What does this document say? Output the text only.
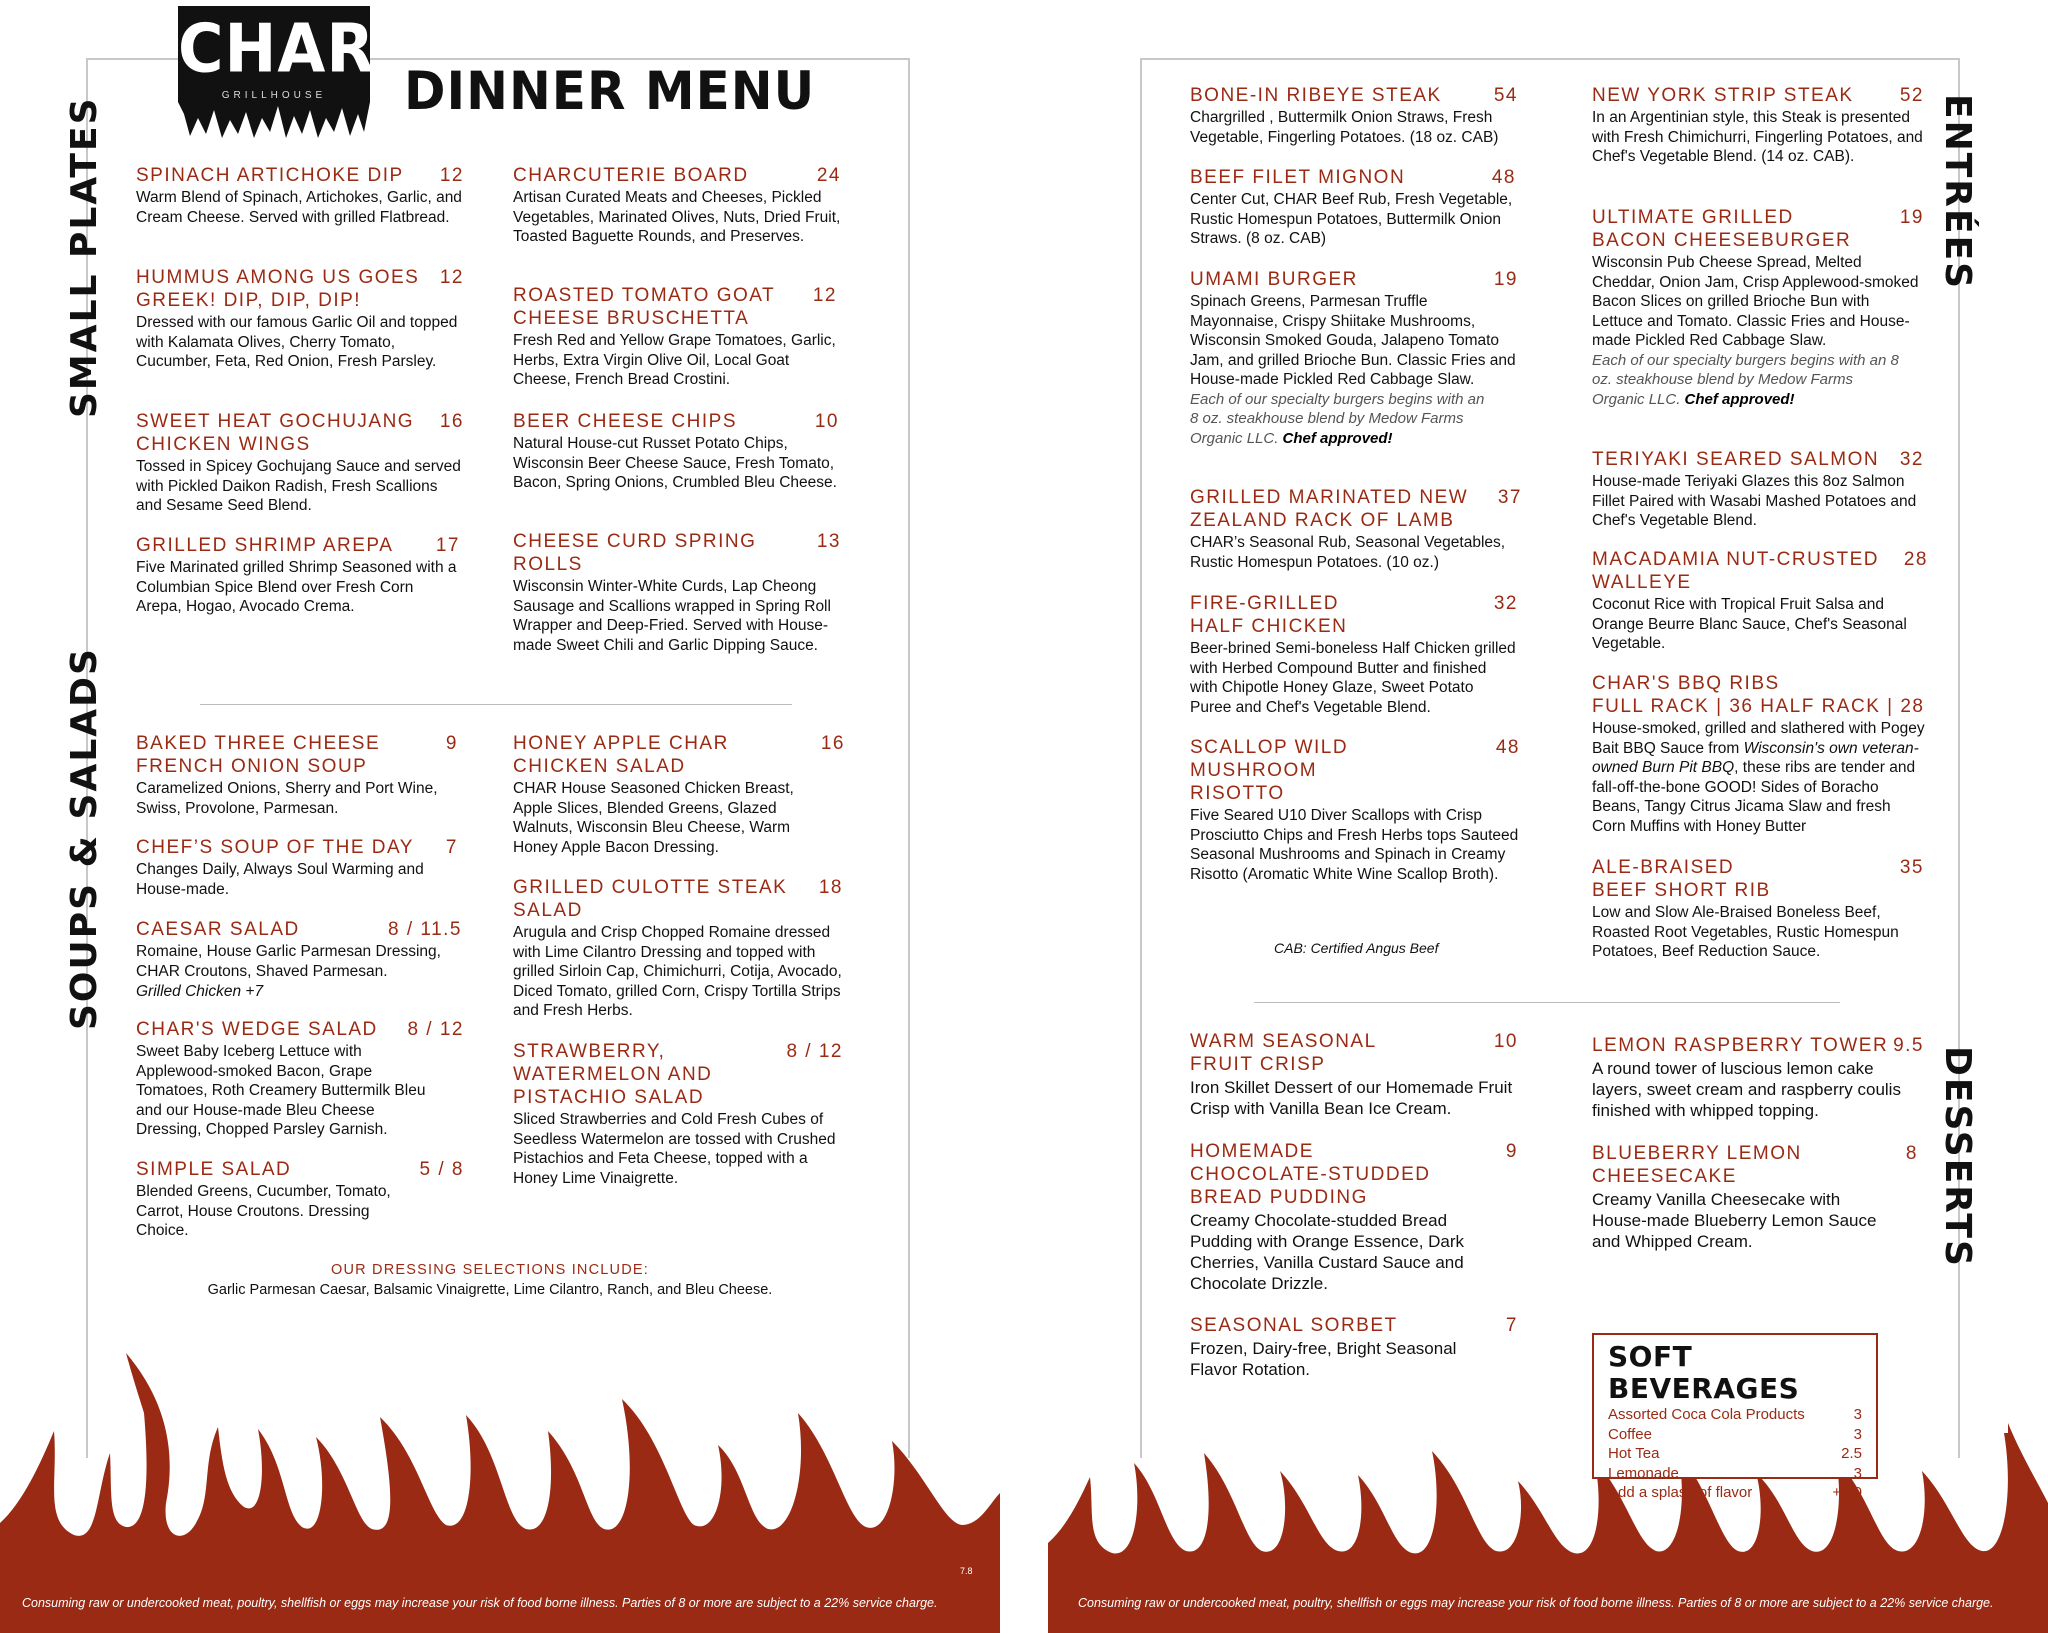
CHAR
GRILLHOUSE	DINNER MENU
SMALL PLATES
SOUPS & SALADS
SPINACH ARTICHOKE DIP	12
Warm Blend of Spinach, Artichokes, Garlic, and Cream Cheese. Served with grilled Flatbread.
HUMMUS AMONG US GOES GREEK! DIP, DIP, DIP!
12
Dressed with our famous Garlic Oil and topped with Kalamata Olives, Cherry Tomato, Cucumber, Feta, Red Onion, Fresh Parsley.
SWEET HEAT GOCHUJANG CHICKEN WINGS
16
Tossed in Spicey Gochujang Sauce and served with Pickled Daikon Radish, Fresh Scallions and Sesame Seed Blend.
GRILLED SHRIMP AREPA	17
Five Marinated grilled Shrimp Seasoned with a Columbian Spice Blend over Fresh Corn Arepa, Hogao, Avocado Crema.
CHARCUTERIE BOARD	24
Artisan Curated Meats and Cheeses, Pickled Vegetables, Marinated Olives, Nuts, Dried Fruit, Toasted Baguette Rounds, and Preserves.
ROASTED TOMATO GOAT CHEESE BRUSCHETTA
12
Fresh Red and Yellow Grape Tomatoes, Garlic, Herbs, Extra Virgin Olive Oil, Local Goat Cheese, French Bread Crostini.
BEER CHEESE CHIPS	10
Natural House-cut Russet Potato Chips, Wisconsin Beer Cheese Sauce, Fresh Tomato, Bacon, Spring Onions, Crumbled Bleu Cheese.
CHEESE CURD SPRING ROLLS
13
Wisconsin Winter-White Curds, Lap Cheong Sausage and Scallions wrapped in Spring Roll Wrapper and Deep-Fried. Served with House-made Sweet Chili and Garlic Dipping Sauce.
BAKED THREE CHEESE FRENCH ONION SOUP
9
Caramelized Onions, Sherry and Port Wine, Swiss, Provolone, Parmesan.
CHEF’S SOUP OF THE DAY	7
Changes Daily, Always Soul Warming and House-made.
CAESAR SALAD	8 / 11.5
Romaine, House Garlic Parmesan Dressing, CHAR Croutons, Shaved Parmesan.
Grilled Chicken +7
CHAR'S WEDGE SALAD	8 / 12
Sweet Baby Iceberg Lettuce with Applewood-smoked Bacon, Grape Tomatoes, Roth Creamery Buttermilk Bleu and our House-made Bleu Cheese Dressing, Chopped Parsley Garnish.
SIMPLE SALAD	5 / 8
Blended Greens, Cucumber, Tomato, Carrot, House Croutons. Dressing Choice.
HONEY APPLE CHAR CHICKEN SALAD
16
CHAR House Seasoned Chicken Breast, Apple Slices, Blended Greens, Glazed Walnuts, Wisconsin Bleu Cheese, Warm Honey Apple Bacon Dressing.
GRILLED CULOTTE STEAK SALAD
18
Arugula and Crisp Chopped Romaine dressed with Lime Cilantro Dressing and topped with grilled Sirloin Cap, Chimichurri, Cotija, Avocado, Diced Tomato, grilled Corn, Crispy Tortilla Strips and Fresh Herbs.
STRAWBERRY, WATERMELON AND PISTACHIO SALAD
8 / 12
Sliced Strawberries and Cold Fresh Cubes of Seedless Watermelon are tossed with Crushed Pistachios and Feta Cheese, topped with a Honey Lime Vinaigrette.
OUR DRESSING SELECTIONS INCLUDE:
Garlic Parmesan Caesar, Balsamic Vinaigrette, Lime Cilantro, Ranch, and Bleu Cheese.
7.8
Consuming raw or undercooked meat, poultry, shellfish or eggs may increase your risk of food borne illness. Parties of 8 or more are subject to a 22% service charge.
ENTRÉES
DESSERTS
BONE-IN RIBEYE STEAK	54
Chargrilled , Buttermilk Onion Straws, Fresh Vegetable, Fingerling Potatoes. (18 oz. CAB)
BEEF FILET MIGNON	48
Center Cut, CHAR Beef Rub, Fresh Vegetable, Rustic Homespun Potatoes, Buttermilk Onion Straws. (8 oz. CAB)
UMAMI BURGER	19
Spinach Greens, Parmesan Truffle Mayonnaise, Crispy Shiitake Mushrooms, Wisconsin Smoked Gouda, Jalapeno Tomato Jam, and grilled Brioche Bun. Classic Fries and House-made Pickled Red Cabbage Slaw.
Each of our specialty burgers begins with an 8 oz. steakhouse blend by Medow Farms Organic LLC. Chef approved!
GRILLED MARINATED NEW ZEALAND RACK OF LAMB
37
CHAR’s Seasonal Rub, Seasonal Vegetables, Rustic Homespun Potatoes. (10 oz.)
FIRE-GRILLED HALF CHICKEN
32
Beer-brined Semi-boneless Half Chicken grilled with Herbed Compound Butter and finished with Chipotle Honey Glaze, Sweet Potato Puree and Chef's Vegetable Blend.
SCALLOP WILD MUSHROOM RISOTTO
48
Five Seared U10 Diver Scallops with Crisp Prosciutto Chips and Fresh Herbs tops Sauteed Seasonal Mushrooms and Spinach in Creamy Risotto (Aromatic White Wine Scallop Broth).
CAB: Certified Angus Beef
NEW YORK STRIP STEAK	52
In an Argentinian style, this Steak is presented with Fresh Chimichurri, Fingerling Potatoes, and Chef's Vegetable Blend. (14 oz. CAB).
ULTIMATE GRILLED BACON CHEESEBURGER
19
Wisconsin Pub Cheese Spread, Melted Cheddar, Onion Jam, Crisp Applewood-smoked Bacon Slices on grilled Brioche Bun with Lettuce and Tomato. Classic Fries and House-made Pickled Red Cabbage Slaw.
Each of our specialty burgers begins with an 8 oz. steakhouse blend by Medow Farms Organic LLC. Chef approved!
TERIYAKI SEARED SALMON	32
House-made Teriyaki Glazes this 8oz Salmon Fillet Paired with Wasabi Mashed Potatoes and Chef's Vegetable Blend.
MACADAMIA NUT-CRUSTED WALLEYE
28
Coconut Rice with Tropical Fruit Salsa and Orange Beurre Blanc Sauce, Chef's Seasonal Vegetable.
CHAR'S BBQ RIBS
FULL RACK | 36 HALF RACK | 28
House-smoked, grilled and slathered with Pogey Bait BBQ Sauce from Wisconsin's own veteran-owned Burn Pit BBQ, these ribs are tender and fall-off-the-bone GOOD! Sides of Boracho Beans, Tangy Citrus Jicama Slaw and fresh Corn Muffins with Honey Butter
ALE-BRAISED BEEF SHORT RIB
35
Low and Slow Ale-Braised Boneless Beef, Roasted Root Vegetables, Rustic Homespun Potatoes, Beef Reduction Sauce.
WARM SEASONAL FRUIT CRISP
10
Iron Skillet Dessert of our Homemade Fruit Crisp with Vanilla Bean Ice Cream.
HOMEMADE CHOCOLATE-STUDDED BREAD PUDDING
9
Creamy Chocolate-studded Bread Pudding with Orange Essence, Dark Cherries, Vanilla Custard Sauce and Chocolate Drizzle.
SEASONAL SORBET	7
Frozen, Dairy-free, Bright Seasonal Flavor Rotation.
LEMON RASPBERRY TOWER 9.5
A round tower of luscious lemon cake layers, sweet cream and raspberry coulis finished with whipped topping.
BLUEBERRY LEMON CHEESECAKE
8
Creamy Vanilla Cheesecake with House-made Blueberry Lemon Sauce and Whipped Cream.
Consuming raw or undercooked meat, poultry, shellfish or eggs may increase your risk of food borne illness. Parties of 8 or more are subject to a 22% service charge.
SOFT BEVERAGES
Assorted Coca Cola Products	3
Coffee	3
Hot Tea	2.5
Lemonade	3
Add a splash of flavor	+.50
